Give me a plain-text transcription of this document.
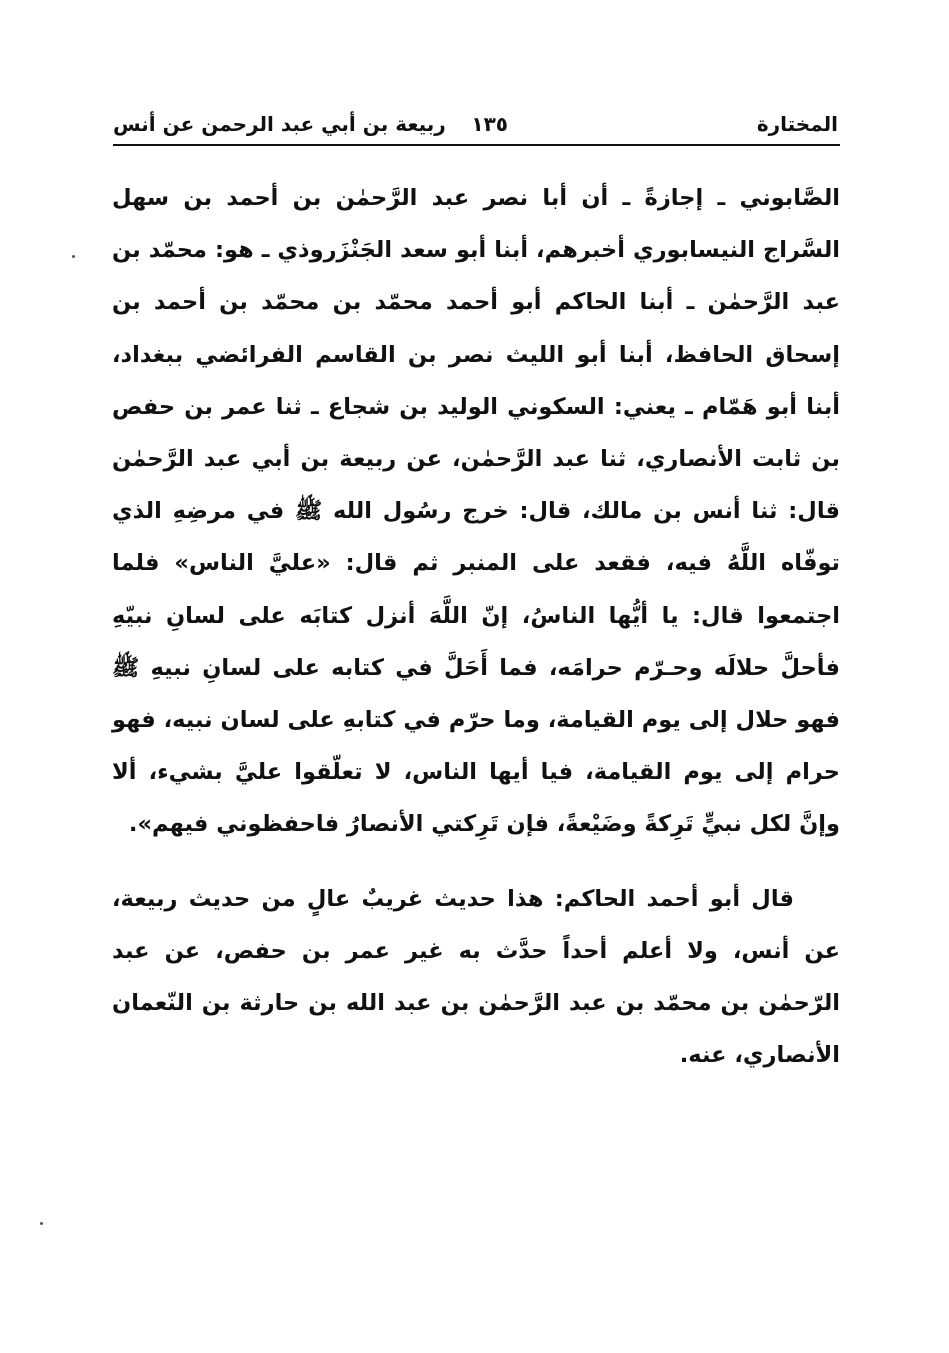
المختارة
١٣٥
ربيعة بن أبي عبد الرحمن عن أنس

الصَّابوني ـ إجازةً ـ أن أبا نصر عبد الرَّحمٰن بن أحمد بن سهل السَّراج النيسابوري أخبرهم، أبنا أبو سعد الجَنْزَروذي ـ هو: محمّد بن عبد الرَّحمٰن ـ أبنا الحاكم أبو أحمد محمّد بن محمّد بن أحمد بن إسحاق الحافظ، أبنا أبو الليث نصر بن القاسم الفرائضي ببغداد، أبنا أبو هَمّام ـ يعني: السكوني الوليد بن شجاع ـ ثنا عمر بن حفص بن ثابت الأنصاري، ثنا عبد الرَّحمٰن، عن ربيعة بن أبي عبد الرَّحمٰن قال: ثنا أنس بن مالك، قال: خرج رسُول الله ﷺ في مرضِهِ الذي توفّاه اللَّهُ فيه، فقعد على المنبر ثم قال: «عليَّ الناس» فلما اجتمعوا قال: يا أيُّها الناسُ، إنّ اللَّهَ أنزل كتابَه على لسانِ نبيّهِ فأحلَّ حلالَه وحـرّم حرامَه، فما أَحَلَّ في كتابه على لسانِ نبيهِ ﷺ فهو حلال إلى يوم القيامة، وما حرّم في كتابهِ على لسان نبيه، فهو حرام إلى يوم القيامة، فيا أيها الناس، لا تعلّقوا عليَّ بشيء، ألا وإنَّ لكل نبيٍّ تَرِكةً وضَيْعةً، فإن تَرِكتي الأنصارُ فاحفظوني فيهم».

قال أبو أحمد الحاكم: هذا حديث غريبٌ عالٍ من حديث ربيعة، عن أنس، ولا أعلم أحداً حدَّث به غير عمر بن حفص، عن عبد الرّحمٰن بن محمّد بن عبد الرَّحمٰن بن عبد الله بن حارثة بن النّعمان الأنصاري، عنه.
